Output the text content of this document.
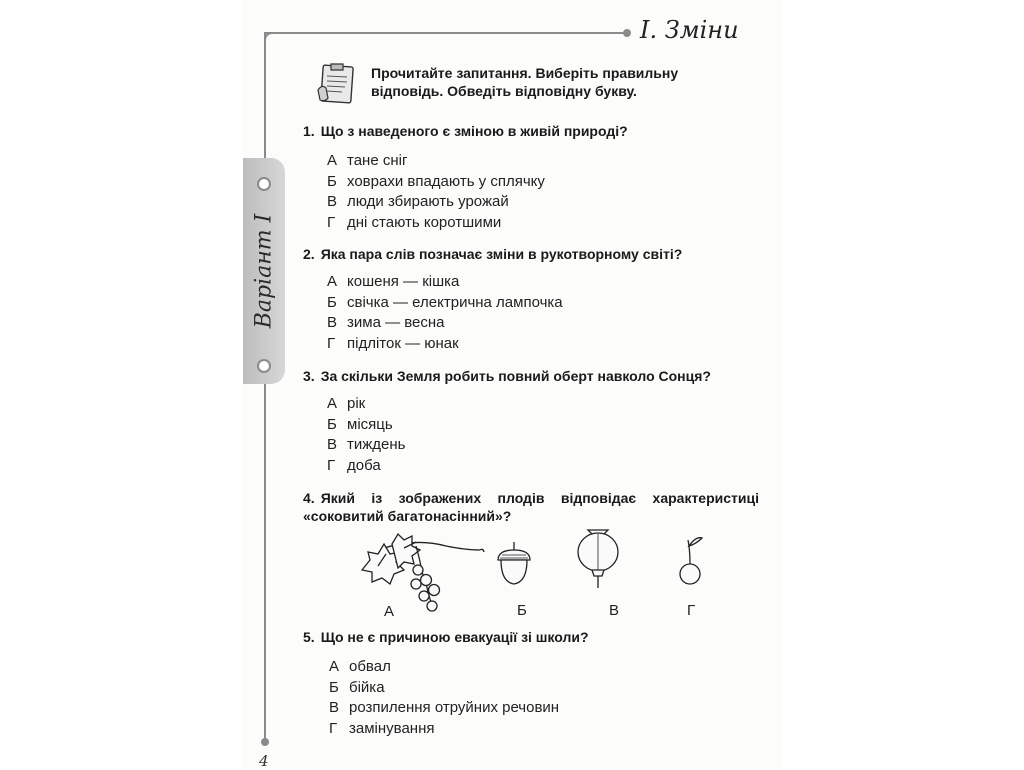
І. Зміни
Варіант І
Прочитайте запитання. Виберіть правильну відповідь. Обведіть відповідну букву.
1. Що з наведеного є зміною в живій природі?
А тане сніг
Б ховрахи впадають у сплячку
В люди збирають урожай
Г дні стають коротшими
2. Яка пара слів позначає зміни в рукотворному світі?
А кошеня — кішка
Б свічка — електрична лампочка
В зима — весна
Г підліток — юнак
3. За скільки Земля робить повний оберт навколо Сонця?
А рік
Б місяць
В тиждень
Г доба
4. Який із зображених плодів відповідає характеристиці «соковитий багатонасінний»?
А	Б	В	Г
5. Що не є причиною евакуації зі школи?
А обвал
Б бійка
В розпилення отруйних речовин
Г замінування
4
